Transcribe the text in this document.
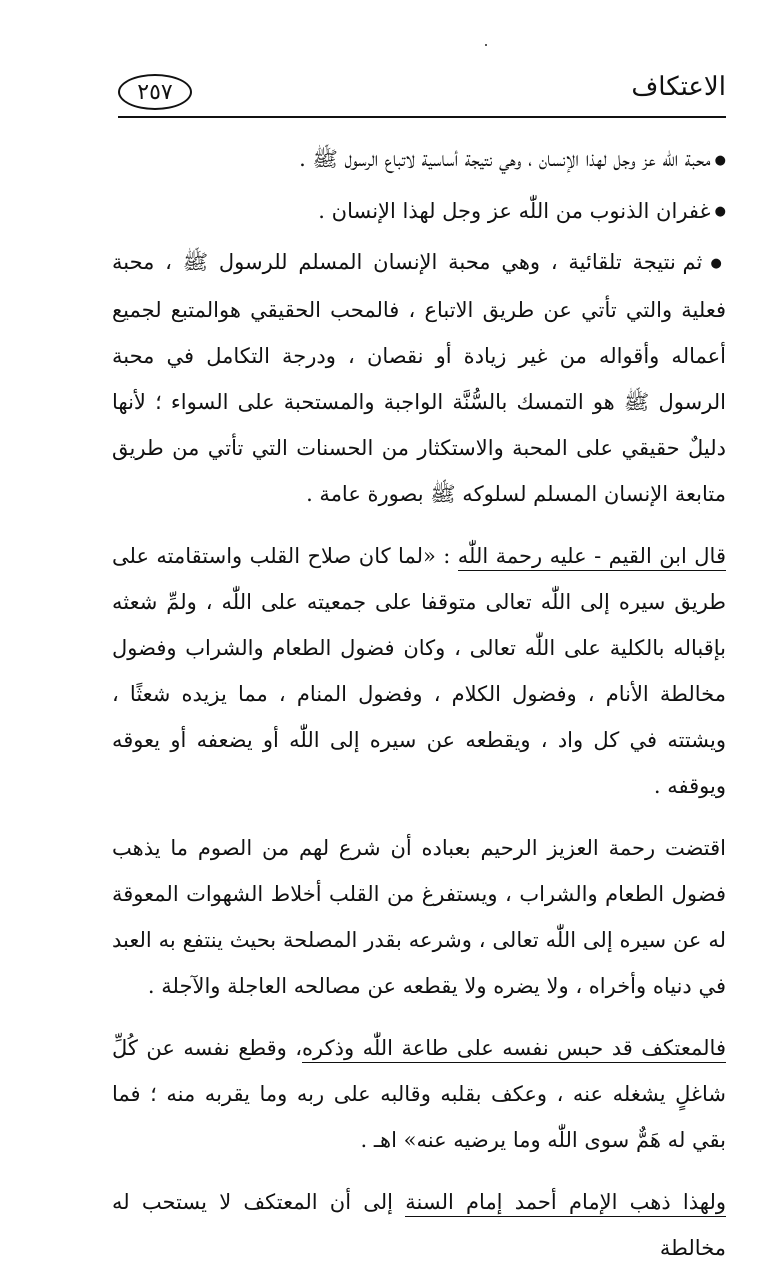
الاعتكاف
٢٥٧
● محبة اللّٰه عز وجل لهذا الإنسان ، وهي نتيجة أساسية لاتباع الرسول ﷺ .
● غفران الذنوب من اللّٰه عز وجل لهذا الإنسان .
● ثم نتيجة تلقائية ، وهي محبة الإنسان المسلم للرسول ﷺ ، محبة فعلية والتي تأتي عن طريق الاتباع ، فالمحب الحقيقي هوالمتبع لجميع أعماله وأقواله من غير زيادة أو نقصان ، ودرجة التكامل في محبة الرسول ﷺ هو التمسك بالسُّنَّة الواجبة والمستحبة على السواء ؛ لأنها دليلٌ حقيقي على المحبة والاستكثار من الحسنات التي تأتي من طريق متابعة الإنسان المسلم لسلوكه ﷺ بصورة عامة .

قال ابن القيم - عليه رحمة اللّٰه : «لما كان صلاح القلب واستقامته على طريق سيره إلى اللّٰه تعالى متوقفا على جمعيته على اللّٰه ، ولمِّ شعثه بإقباله بالكلية على اللّٰه تعالى ، وكان فضول الطعام والشراب وفضول مخالطة الأنام ، وفضول الكلام ، وفضول المنام ، مما يزيده شعثًا ، ويشتته في كل واد ، ويقطعه عن سيره إلى اللّٰه أو يضعفه أو يعوقه ويوقفه .

اقتضت رحمة العزيز الرحيم بعباده أن شرع لهم من الصوم ما يذهب فضول الطعام والشراب ، ويستفرغ من القلب أخلاط الشهوات المعوقة له عن سيره إلى اللّٰه تعالى ، وشرعه بقدر المصلحة بحيث ينتفع به العبد في دنياه وأخراه ، ولا يضره ولا يقطعه عن مصالحه العاجلة والآجلة .

فالمعتكف قد حبس نفسه على طاعة اللّٰه وذكره، وقطع نفسه عن كُلِّ شاغلٍ يشغله عنه ، وعكف بقلبه وقالبه على ربه وما يقربه منه ؛ فما بقي له هَمٌّ سوى اللّٰه وما يرضيه عنه» اهـ .

ولهذا ذهب الإمام أحمد إمام السنة إلى أن المعتكف لا يستحب له مخالطة
